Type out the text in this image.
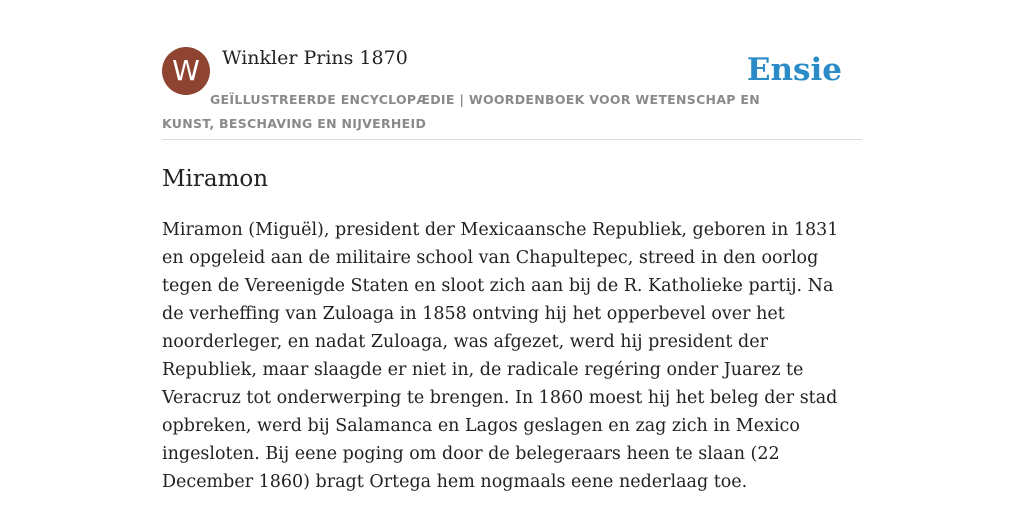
W	Winkler Prins 1870	Ensie
GEÏLLUSTREERDE ENCYCLOPÆDIE | WOORDENBOEK VOOR WETENSCHAP EN KUNST, BESCHAVING EN NIJVERHEID
Miramon

Miramon (Miguël), president der Mexicaansche Republiek, geboren in 1831 en opgeleid aan de militaire school van Chapultepec, streed in den oorlog tegen de Vereenigde Staten en sloot zich aan bij de R. Katholieke partij. Na de verheffing van Zuloaga in 1858 ontving hij het opperbevel over het noorderleger, en nadat Zuloaga, was afgezet, werd hij president der Republiek, maar slaagde er niet in, de radicale regéring onder Juarez te Veracruz tot onderwerping te brengen. In 1860 moest hij het beleg der stad opbreken, werd bij Salamanca en Lagos geslagen en zag zich in Mexico ingesloten. Bij eene poging om door de belegeraars heen te slaan (22 December 1860) bragt Ortega hem nogmaals eene nederlaag toe.
